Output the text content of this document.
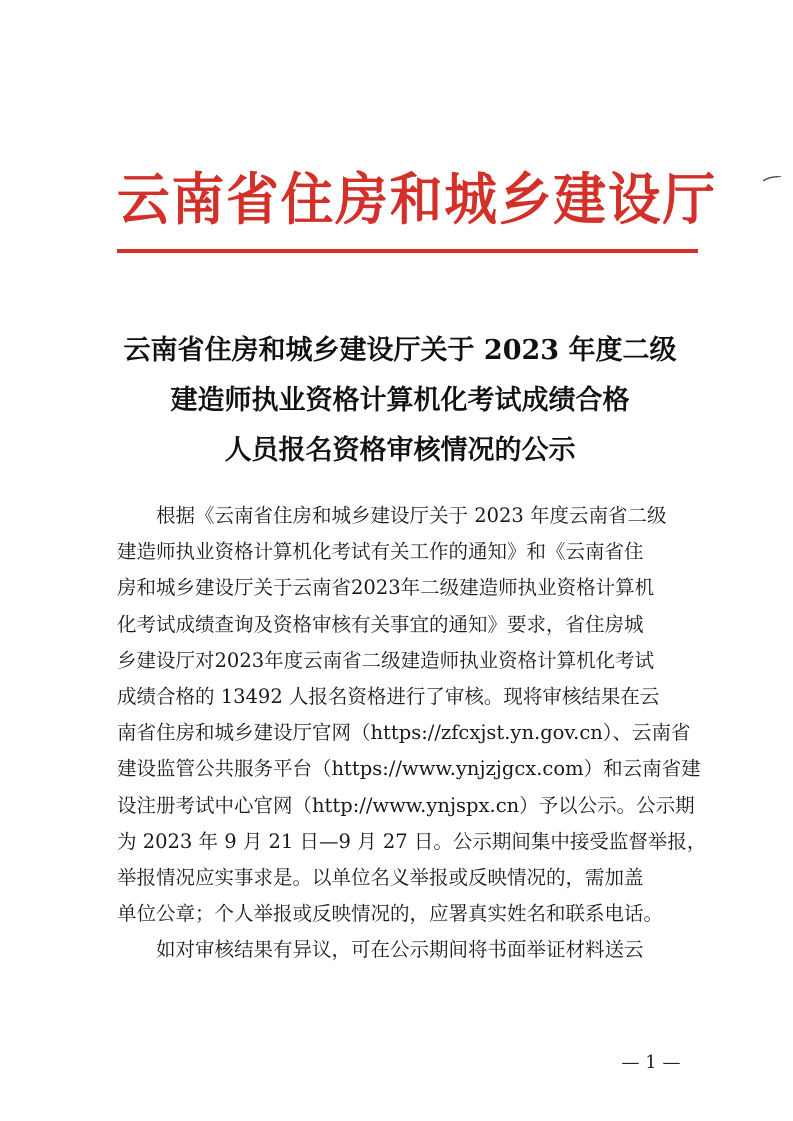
云南省住房和城乡建设厅
云南省住房和城乡建设厅关于 2023 年度二级
建造师执业资格计算机化考试成绩合格
人员报名资格审核情况的公示
　　根据《云南省住房和城乡建设厅关于 2023 年度云南省二级
建造师执业资格计算机化考试有关工作的通知》和《云南省住
房和城乡建设厅关于云南省2023年二级建造师执业资格计算机
化考试成绩查询及资格审核有关事宜的通知》要求，省住房城
乡建设厅对2023年度云南省二级建造师执业资格计算机化考试
成绩合格的 13492 人报名资格进行了审核。现将审核结果在云
南省住房和城乡建设厅官网（https://zfcxjst.yn.gov.cn）、云南省
建设监管公共服务平台（https://www.ynjzjgcx.com）和云南省建
设注册考试中心官网（http://www.ynjspx.cn）予以公示。公示期
为 2023 年 9 月 21 日—9 月 27 日。公示期间集中接受监督举报，
举报情况应实事求是。以单位名义举报或反映情况的，需加盖
单位公章；个人举报或反映情况的，应署真实姓名和联系电话。
　　如对审核结果有异议，可在公示期间将书面举证材料送云
— 1 —
